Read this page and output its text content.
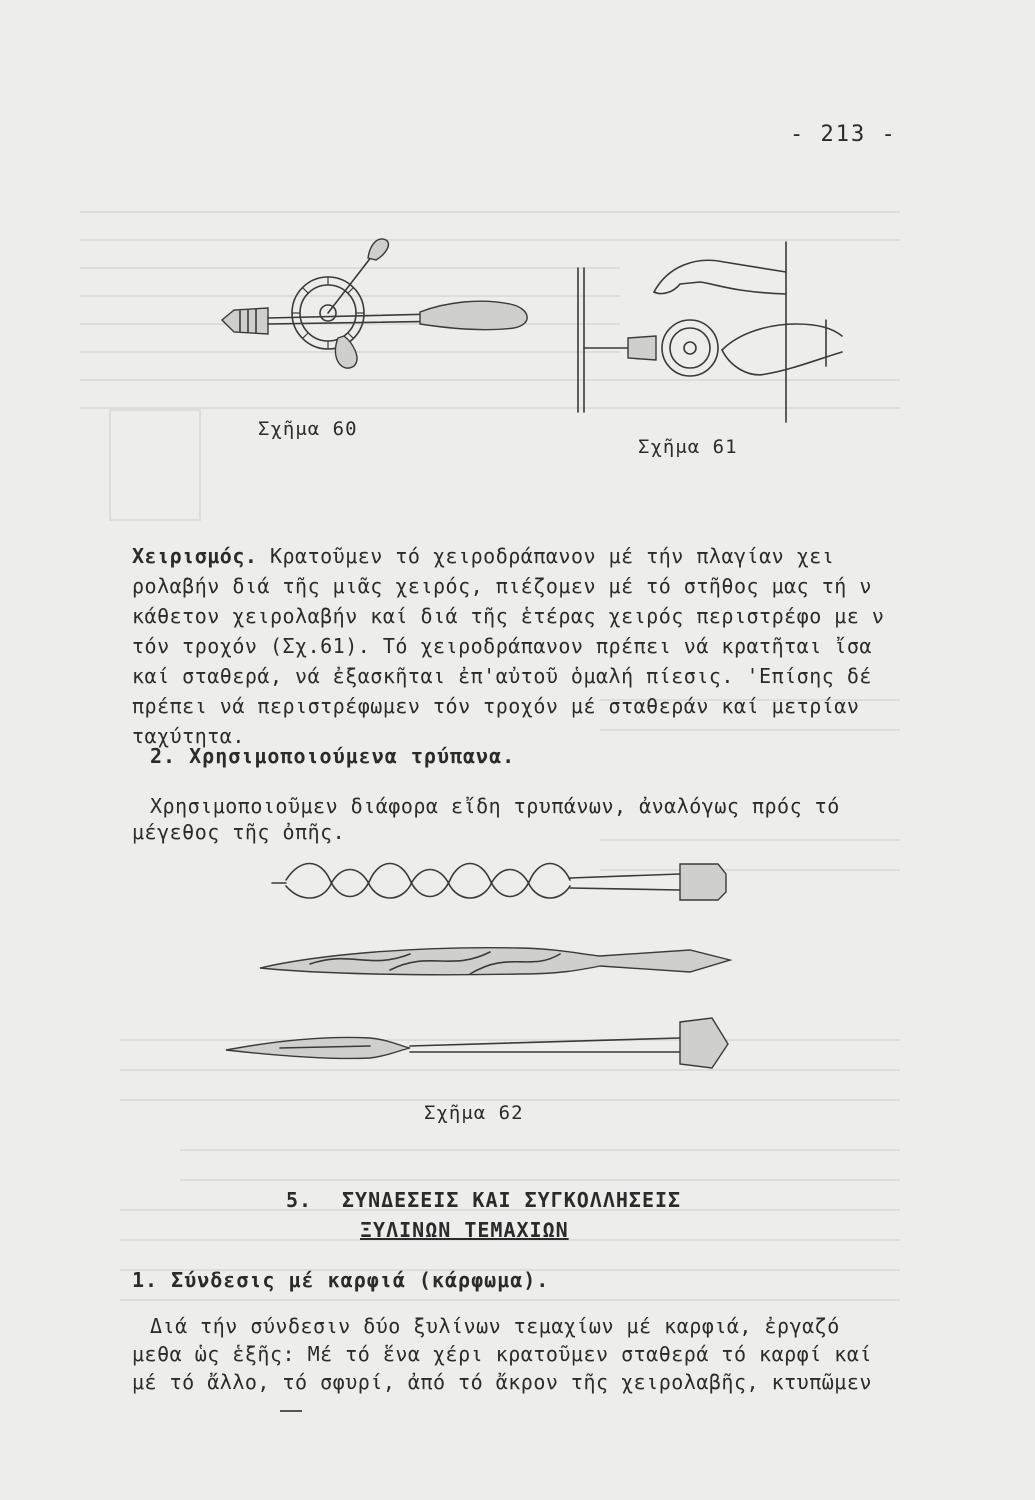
- 213 -
Σχῆμα 60
Σχῆμα 61
Χειρισμός. Κρατοῦμεν τό χειροδράπανον μέ τήν πλαγίαν χει
ρολαβήν διά τῆς μιᾶς χειρός, πιέζομεν μέ τό στῆθος μας τή ν
κάθετον χειρολαβήν καί διά τῆς ἑτέρας χειρός περιστρέφο με ν
τόν τροχόν (Σχ.61). Τό χειροδράπανον πρέπει νά κρατῆται ἴσα
καί σταθερά, νά ἐξασκῆται ἐπ'αὐτοῦ ὁμαλή πίεσις. 'Επίσης δέ
πρέπει νά περιστρέφωμεν τόν τροχόν μέ σταθεράν καί μετρίαν
ταχύτητα.
2. Χρησιμοποιούμενα τρύπανα.
Χρησιμοποιοῦμεν διάφορα εἴδη τρυπάνων, ἀναλόγως πρός τό
μέγεθος τῆς ὀπῆς.
Σχῆμα 62
5. ΣΥΝΔΕΣΕΙΣ ΚΑΙ ΣΥΓΚΟΛΛΗΣΕΙΣ
ΞΥΛΙΝΩΝ ΤΕΜΑΧΙΩΝ
1. Σύνδεσις μέ καρφιά (κάρφωμα).
Διά τήν σύνδεσιν δύο ξυλίνων τεμαχίων μέ καρφιά, ἐργαζό
μεθα ὡς ἑξῆς: Μέ τό ἕνα χέρι κρατοῦμεν σταθερά τό καρφί καί
μέ τό ἄλλο, τό σφυρί, ἀπό τό ἄκρον τῆς χειρολαβῆς, κτυπῶμεν
